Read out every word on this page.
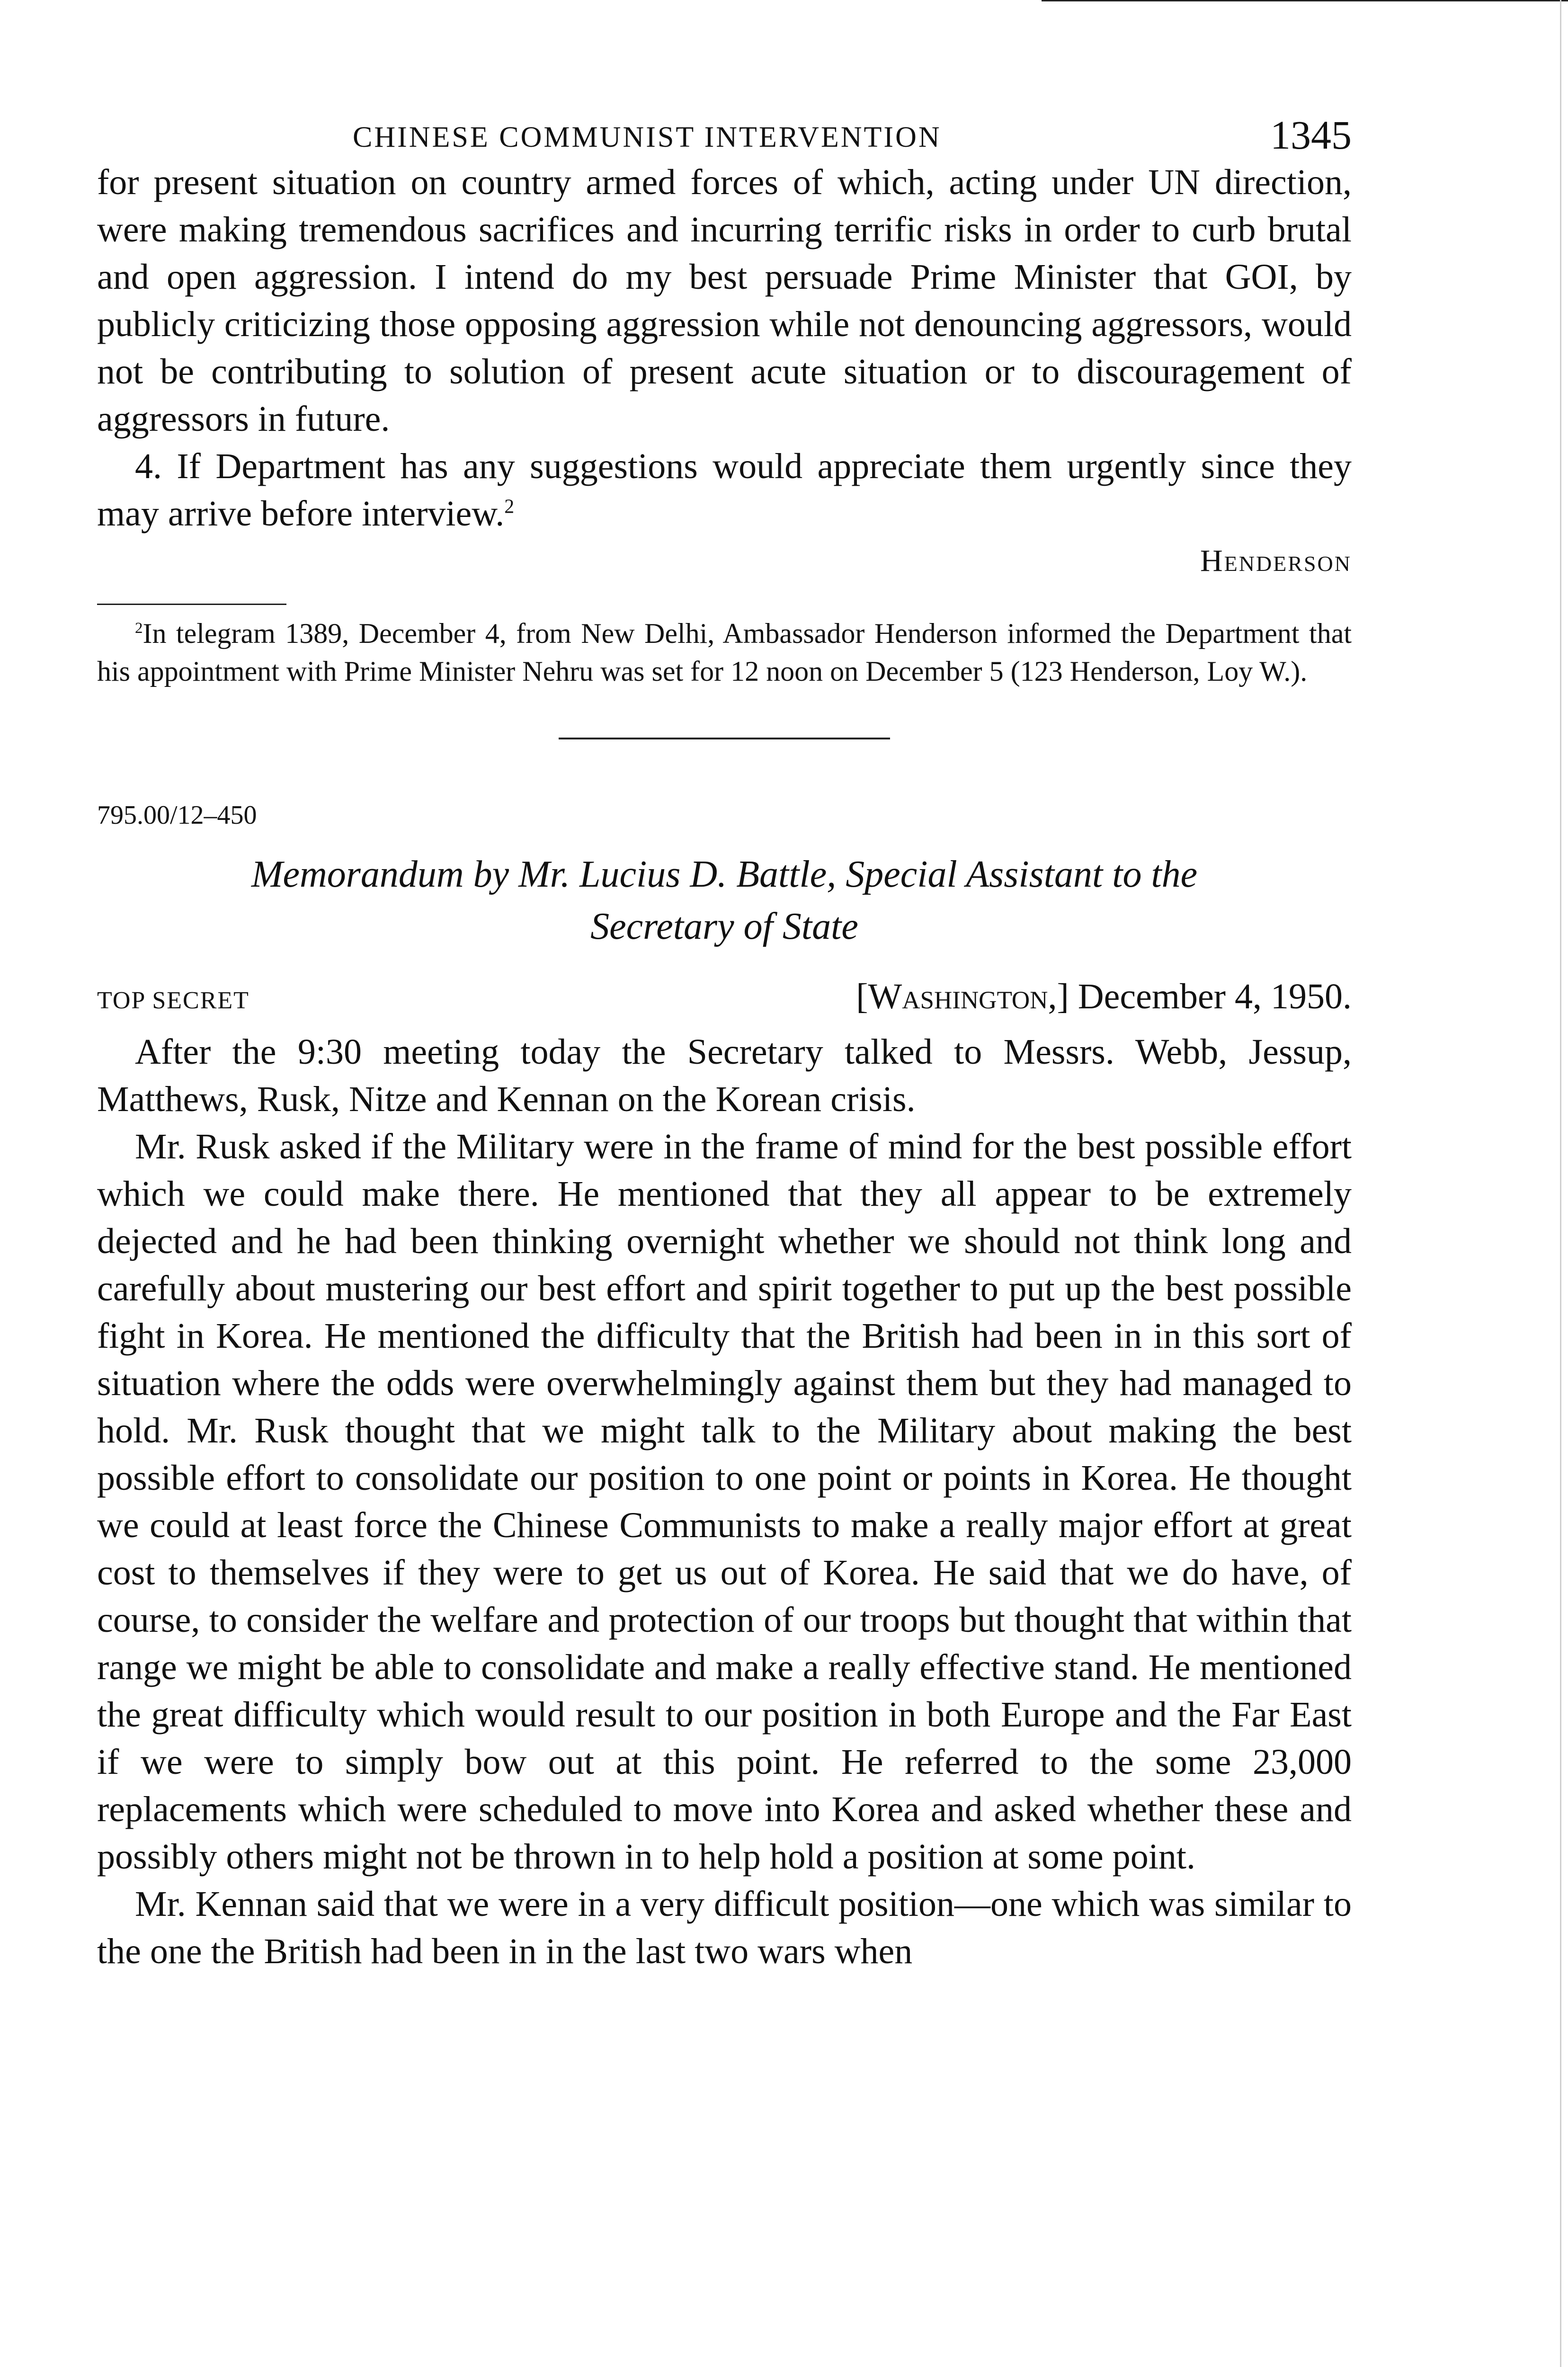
CHINESE COMMUNIST INTERVENTION	1345

for present situation on country armed forces of which, acting under UN direction, were making tremendous sacrifices and incurring terrific risks in order to curb brutal and open aggression. I intend do my best persuade Prime Minister that GOI, by publicly criticizing those opposing aggression while not denouncing aggressors, would not be contributing to solution of present acute situation or to discouragement of aggressors in future.

4. If Department has any suggestions would appreciate them urgently since they may arrive before interview.$^2$

Henderson

$^2$In telegram 1389, December 4, from New Delhi, Ambassador Henderson informed the Department that his appointment with Prime Minister Nehru was set for 12 noon on December 5 (123 Henderson, Loy W.).

795.00/12–450
Memorandum by Mr. Lucius D. Battle, Special Assistant to the
Secretary of State
TOP SECRET	[Washington,] December 4, 1950.

After the 9:30 meeting today the Secretary talked to Messrs. Webb, Jessup, Matthews, Rusk, Nitze and Kennan on the Korean crisis.

Mr. Rusk asked if the Military were in the frame of mind for the best possible effort which we could make there. He mentioned that they all appear to be extremely dejected and he had been thinking overnight whether we should not think long and carefully about mustering our best effort and spirit together to put up the best possible fight in Korea. He mentioned the difficulty that the British had been in in this sort of situation where the odds were overwhelmingly against them but they had managed to hold. Mr. Rusk thought that we might talk to the Military about making the best possible effort to consolidate our position to one point or points in Korea. He thought we could at least force the Chinese Communists to make a really major effort at great cost to themselves if they were to get us out of Korea. He said that we do have, of course, to consider the welfare and protection of our troops but thought that within that range we might be able to consolidate and make a really effective stand. He mentioned the great difficulty which would result to our position in both Europe and the Far East if we were to simply bow out at this point. He referred to the some 23,000 replacements which were scheduled to move into Korea and asked whether these and possibly others might not be thrown in to help hold a position at some point.

Mr. Kennan said that we were in a very difficult position—one which was similar to the one the British had been in in the last two wars when
